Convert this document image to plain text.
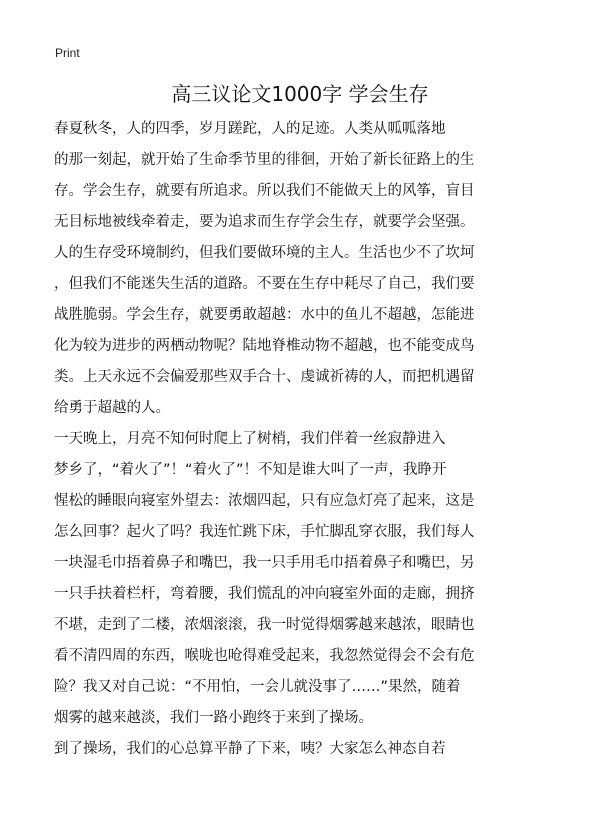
Print
高三议论文1000字 学会生存
春夏秋冬，人的四季，岁月蹉跎，人的足迹。人类从呱呱落地
的那一刻起，就开始了生命季节里的徘徊，开始了新长征路上的生
存。学会生存，就要有所追求。所以我们不能做天上的风筝，盲目
无目标地被线牵着走，要为追求而生存学会生存，就要学会坚强。
人的生存受环境制约，但我们要做环境的主人。生活也少不了坎坷
，但我们不能迷失生活的道路。不要在生存中耗尽了自己，我们要
战胜脆弱。学会生存，就要勇敢超越：水中的鱼儿不超越，怎能进
化为较为进步的两栖动物呢？陆地脊椎动物不超越，也不能变成鸟
类。上天永远不会偏爱那些双手合十、虔诚祈祷的人，而把机遇留
给勇于超越的人。
一天晚上，月亮不知何时爬上了树梢，我们伴着一丝寂静进入
梦乡了，“着火了”！“着火了”！不知是谁大叫了一声，我睁开
惺松的睡眼向寝室外望去：浓烟四起，只有应急灯亮了起来，这是
怎么回事？起火了吗？我连忙跳下床，手忙脚乱穿衣服，我们每人
一块湿毛巾捂着鼻子和嘴巴，我一只手用毛巾捂着鼻子和嘴巴，另
一只手扶着栏杆，弯着腰，我们慌乱的冲向寝室外面的走廊，拥挤
不堪，走到了二楼，浓烟滚滚，我一时觉得烟雾越来越浓，眼睛也
看不清四周的东西，喉咙也呛得难受起来，我忽然觉得会不会有危
险？我又对自己说：“不用怕，一会儿就没事了……”果然，随着
烟雾的越来越淡，我们一路小跑终于来到了操场。
到了操场，我们的心总算平静了下来，咦？大家怎么神态自若
